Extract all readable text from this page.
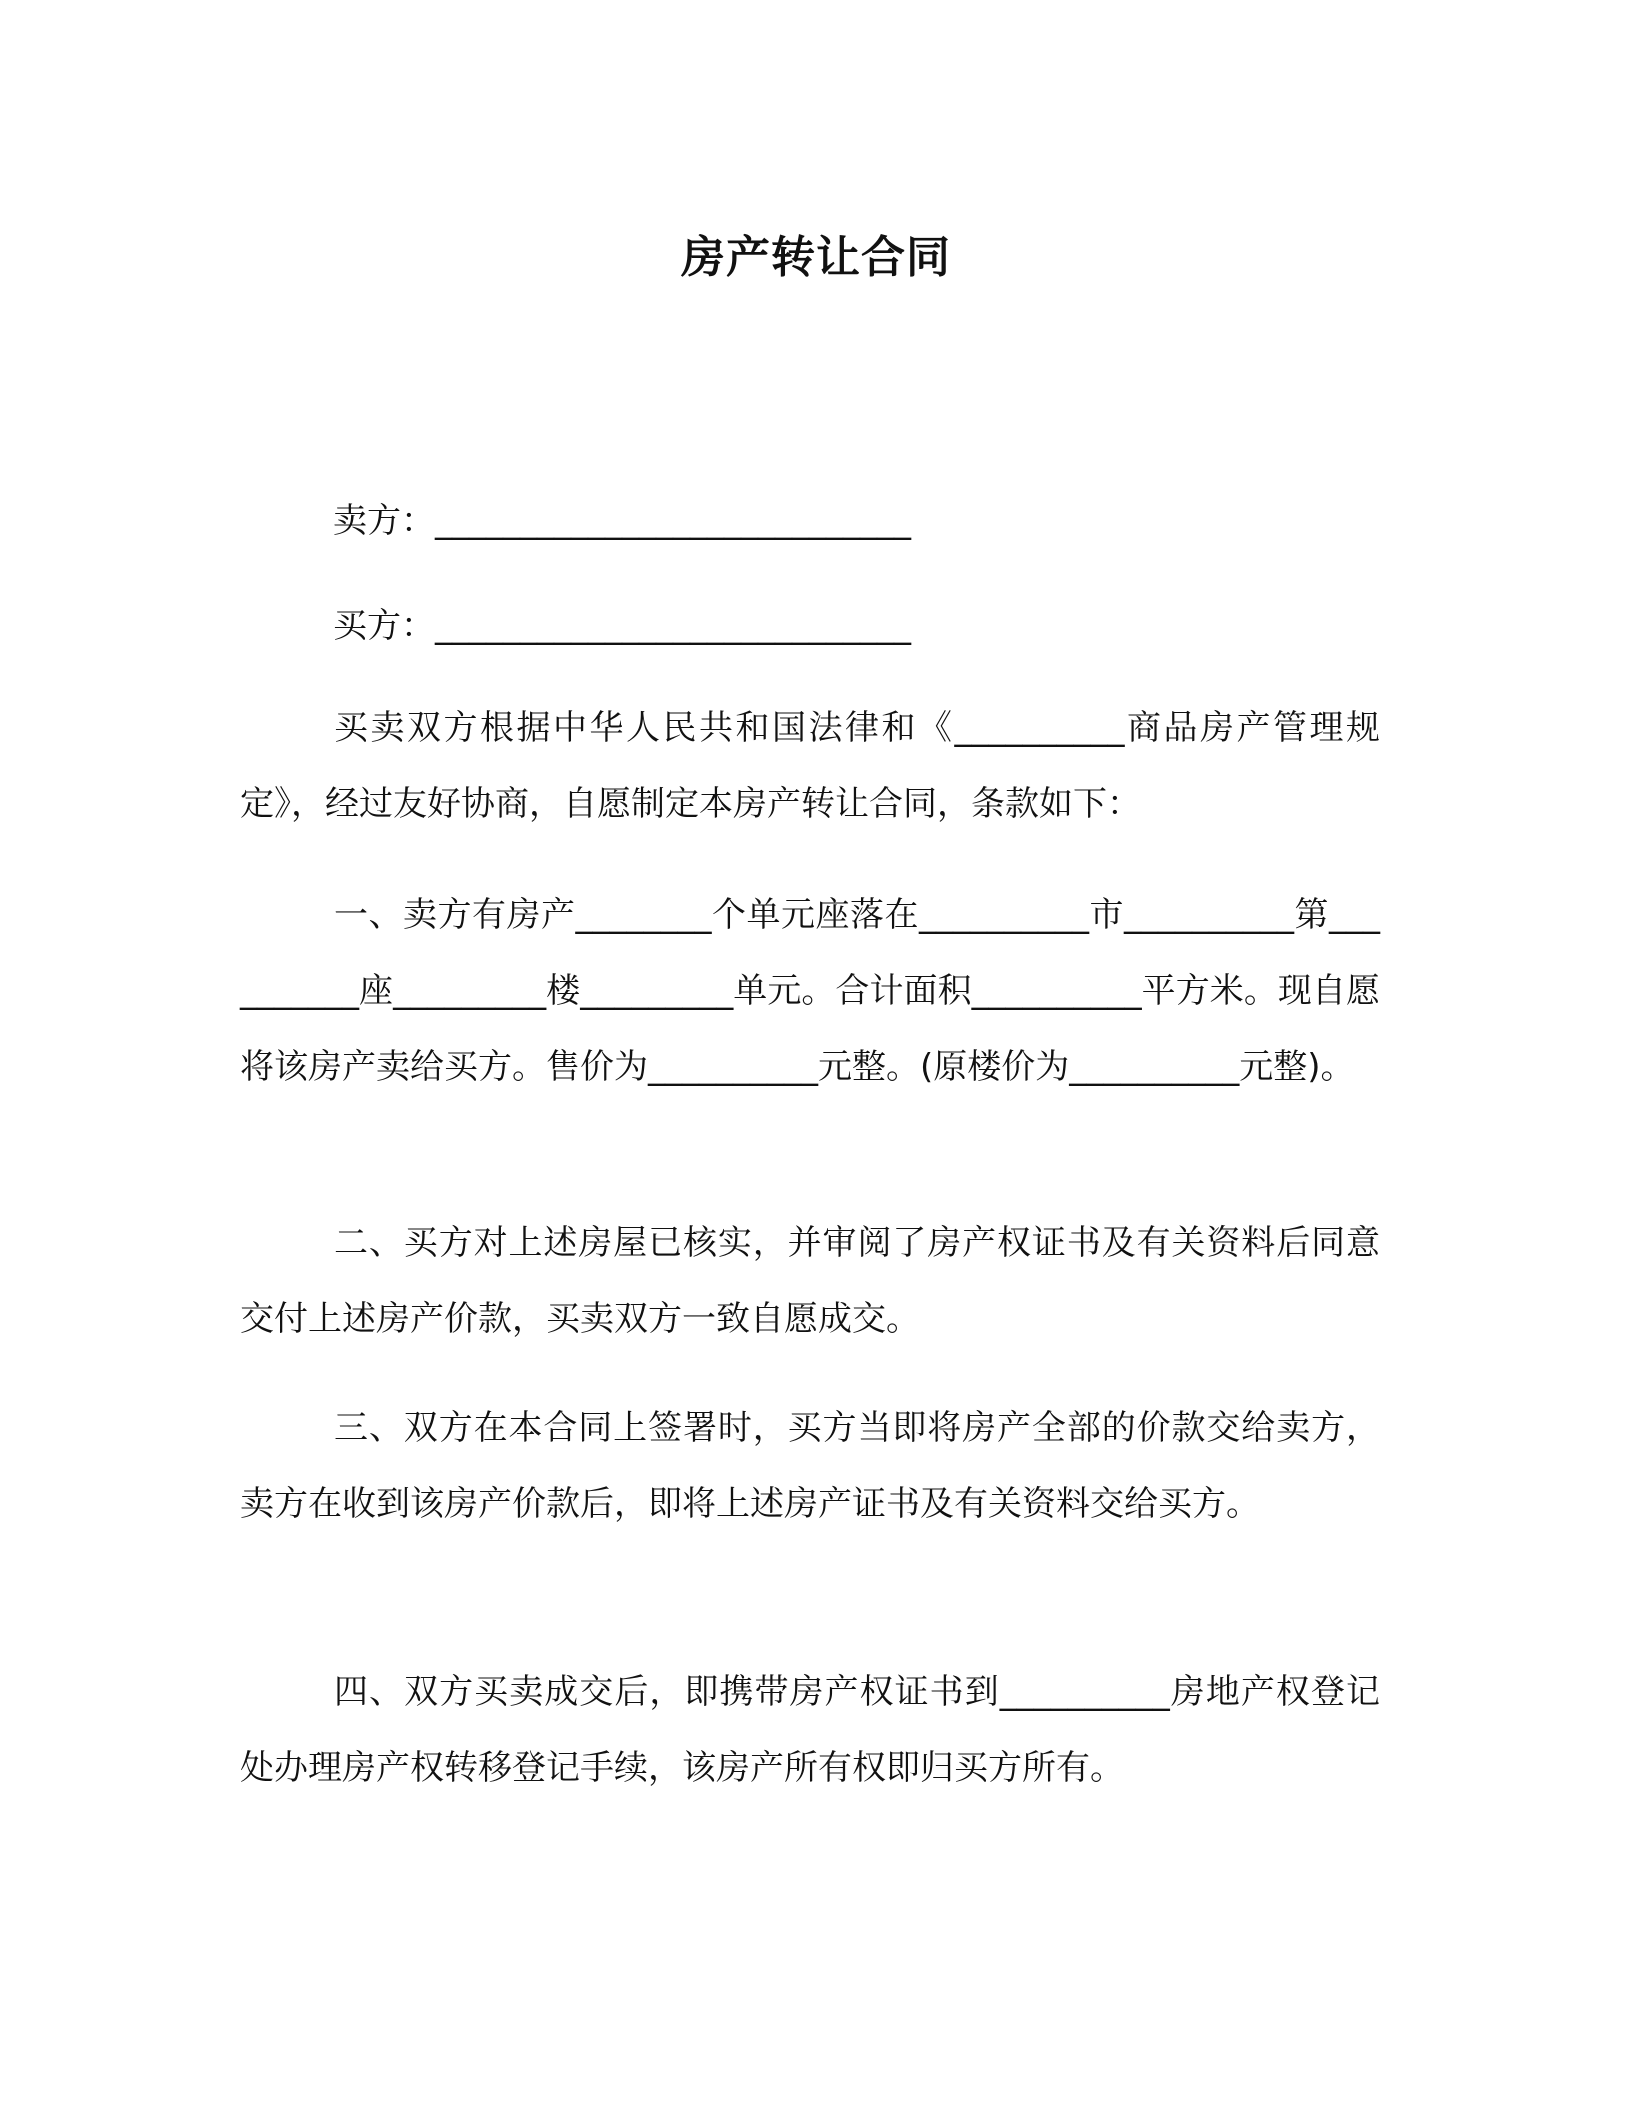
房产转让合同
卖方：____________________________
买方：____________________________
买卖双方根据中华人民共和国法律和《__________商品房产管理规定》，经过友好协商，自愿制定本房产转让合同，条款如下：
一、卖方有房产________个单元座落在__________市__________第__________座_________楼_________单元。合计面积__________平方米。现自愿将该房产卖给买方。售价为__________元整。(原楼价为__________元整)。
二、买方对上述房屋已核实，并审阅了房产权证书及有关资料后同意交付上述房产价款，买卖双方一致自愿成交。
三、双方在本合同上签署时，买方当即将房产全部的价款交给卖方，卖方在收到该房产价款后，即将上述房产证书及有关资料交给买方。
四、双方买卖成交后，即携带房产权证书到__________房地产权登记处办理房产权转移登记手续，该房产所有权即归买方所有。
